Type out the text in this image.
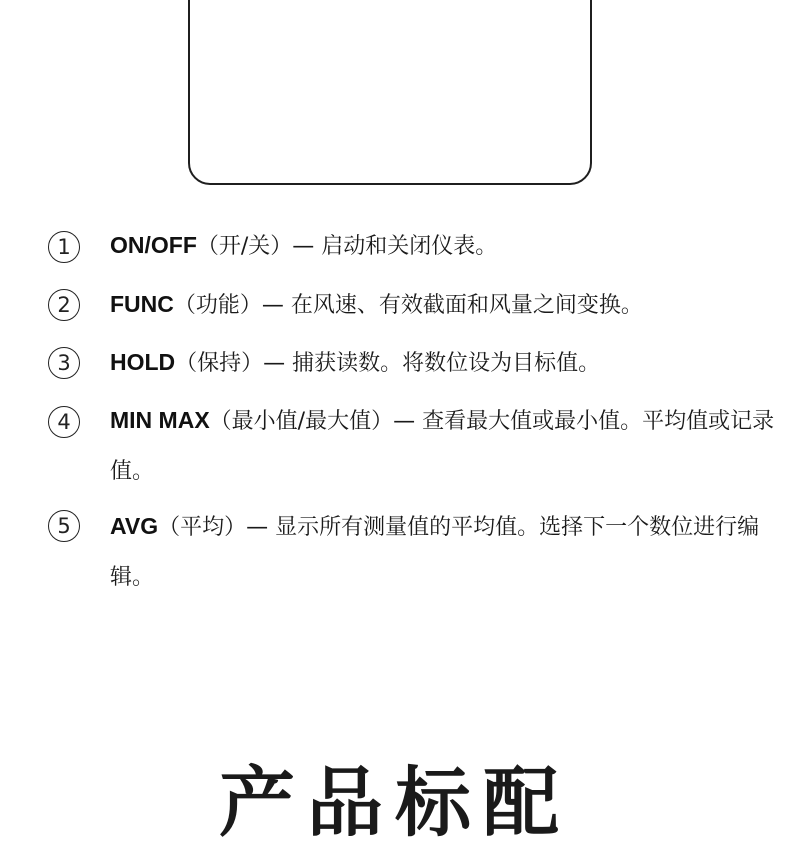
1	ON/OFF（开/关）— 启动和关闭仪表。
2	FUNC（功能）— 在风速、有效截面和风量之间变换。
3	HOLD（保持）— 捕获读数。将数位设为目标值。
4	MIN MAX（最小值/最大值）— 查看最大值或最小值。平均值或记录值。
5	AVG（平均）— 显示所有测量值的平均值。选择下一个数位进行编辑。
产品标配
